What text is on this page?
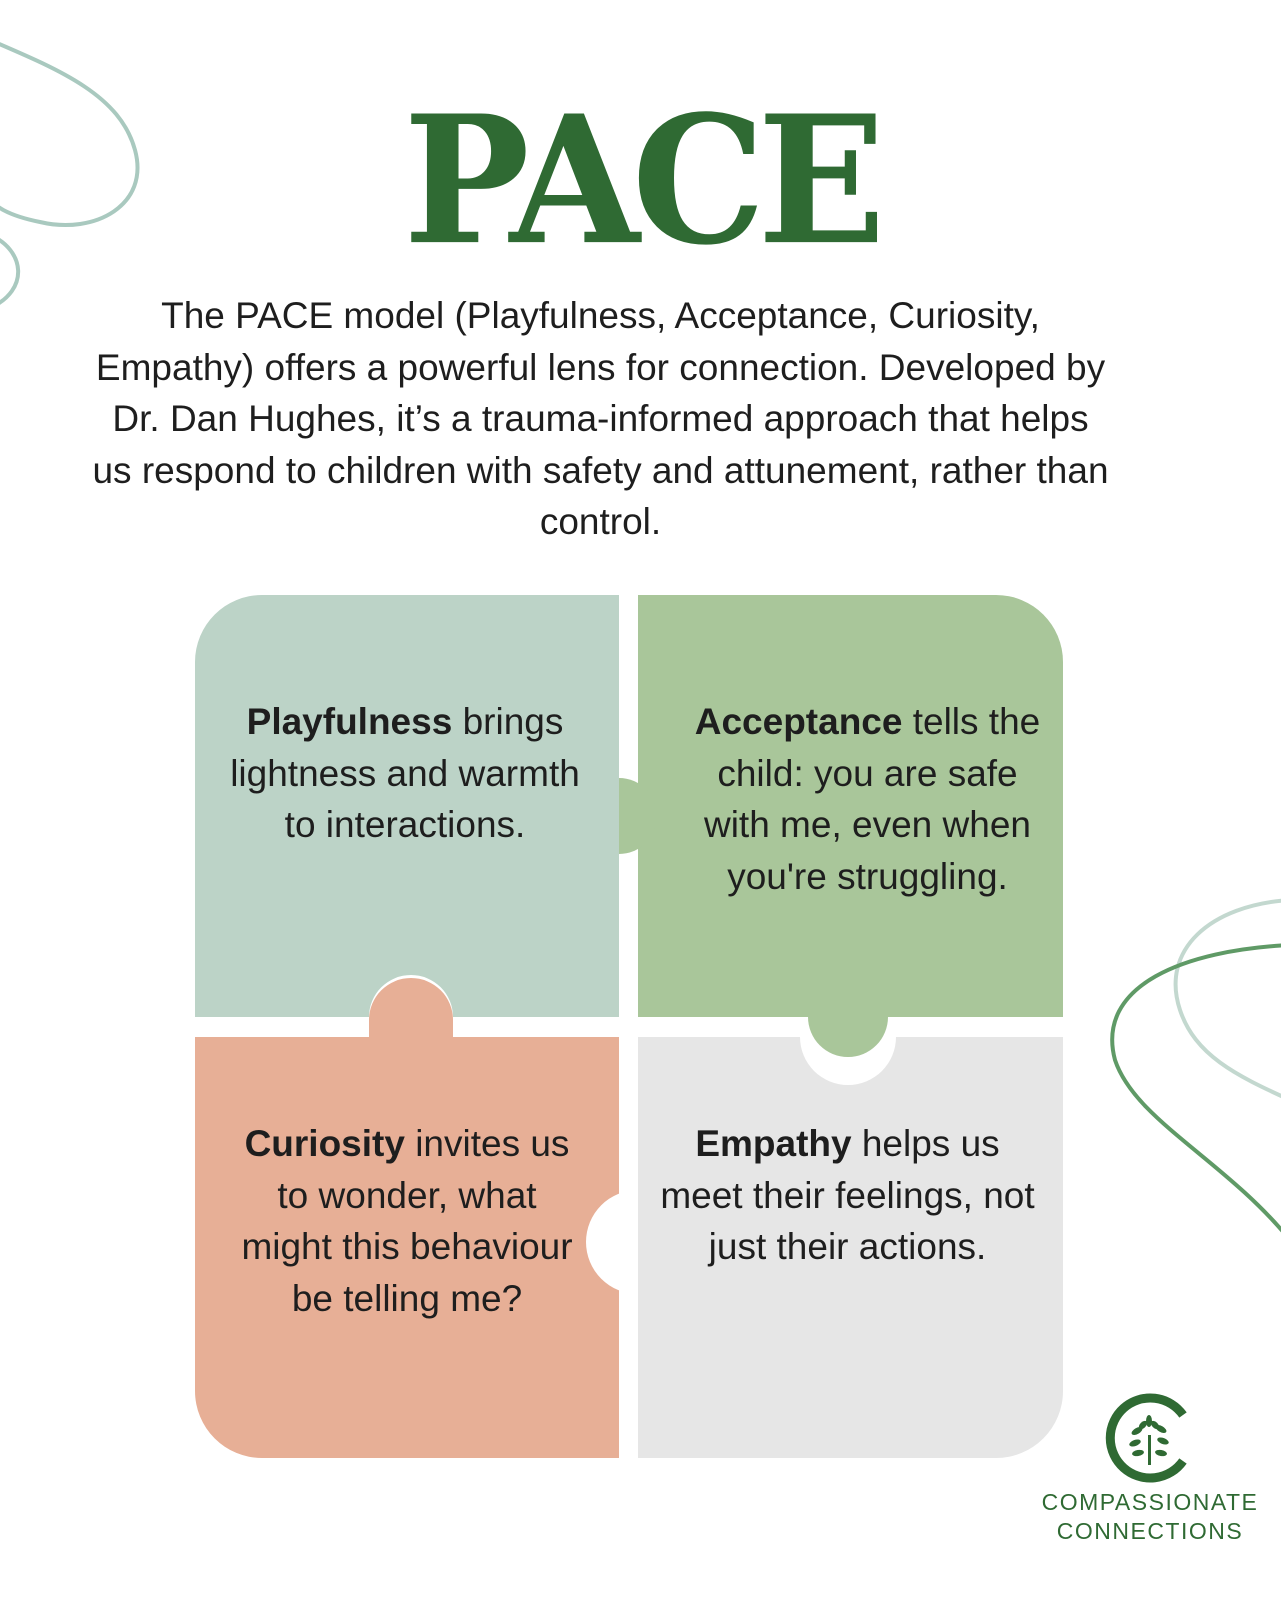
PACE

The PACE model (Playfulness, Acceptance, Curiosity, Empathy) offers a powerful lens for connection. Developed by Dr. Dan Hughes, it’s a trauma-informed approach that helps us respond to children with safety and attunement, rather than control.

Playfulness brings lightness and warmth to interactions.

Acceptance tells the child: you are safe with me, even when you're struggling.

Curiosity invites us to wonder, what might this behaviour be telling me?

Empathy helps us meet their feelings, not just their actions.

COMPASSIONATE
CONNECTIONS
